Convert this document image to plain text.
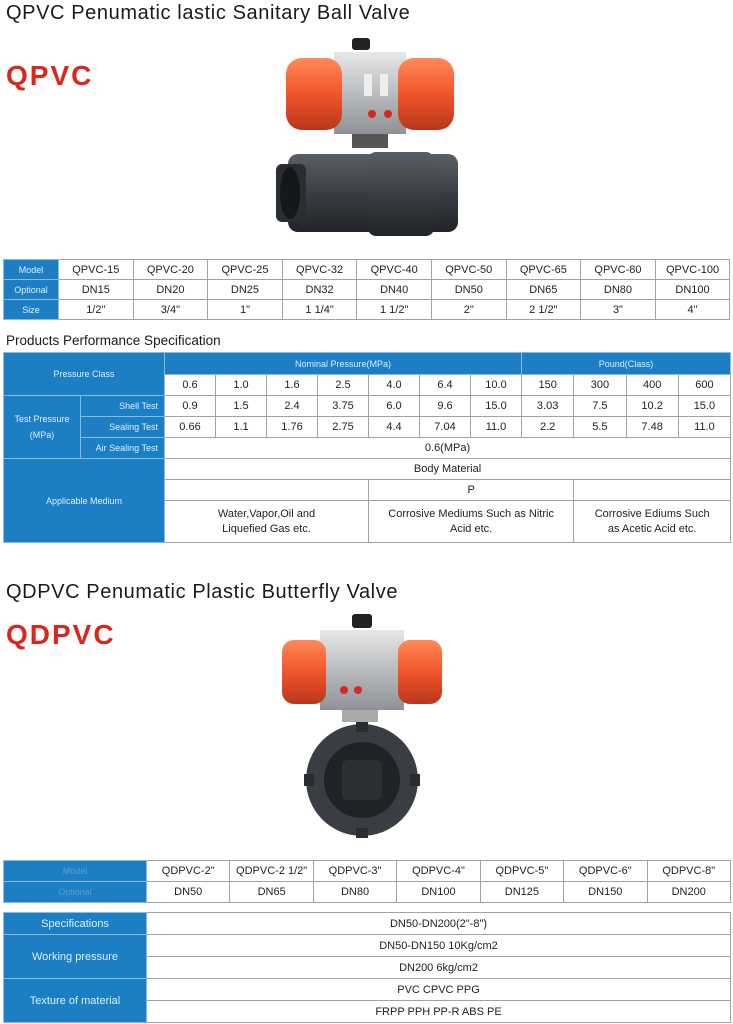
QPVC Penumatic lastic Sanitary Ball Valve
QPVC
Model	QPVC-15	QPVC-20	QPVC-25	QPVC-32	QPVC-40	QPVC-50	QPVC-65	QPVC-80	QPVC-100
Optional	DN15	DN20	DN25	DN32	DN40	DN50	DN65	DN80	DN100
Size	1/2"	3/4"	1"	1 1/4"	1 1/2"	2"	2 1/2"	3"	4"
Products Performance Specification
Pressure Class		Nominal Pressure(MPa)							Pound(Class)			
		0.6	1.0	1.6	2.5	4.0	6.4	10.0	150	300	400	600

Test Pressure
(MPa)	Shell Test	0.9	1.5	2.4	3.75	6.0	9.6	15.0	3.03	7.5	10.2	15.0
	Sealing Test	0.66	1.1	1.76	2.75	4.4	7.04	11.0	2.2	5.5	7.48	11.0
	Air Sealing Test	0.6(MPa)										
Applicable Medium		Body Material										
						P						
		Water,Vapor,Oil and Liquefied Gas etc.				Corrosive Mediums Such as Nitric Acid etc.				Corrosive Ediums Such as Acetic Acid etc.		
QDPVC Penumatic Plastic Butterfly Valve
QDPVC
Model	QDPVC-2"	QDPVC-2 1/2"	QDPVC-3"	QDPVC-4"	QDPVC-5"	QDPVC-6"	QDPVC-8"
Optional	DN50	DN65	DN80	DN100	DN125	DN150	DN200
Specifications	DN50-DN200(2"-8")
Working pressure	DN50-DN150 10Kg/cm2
	DN200 6kg/cm2
Texture of material	PVC CPVC PPG
	FRPP PPH PP-R ABS PE
